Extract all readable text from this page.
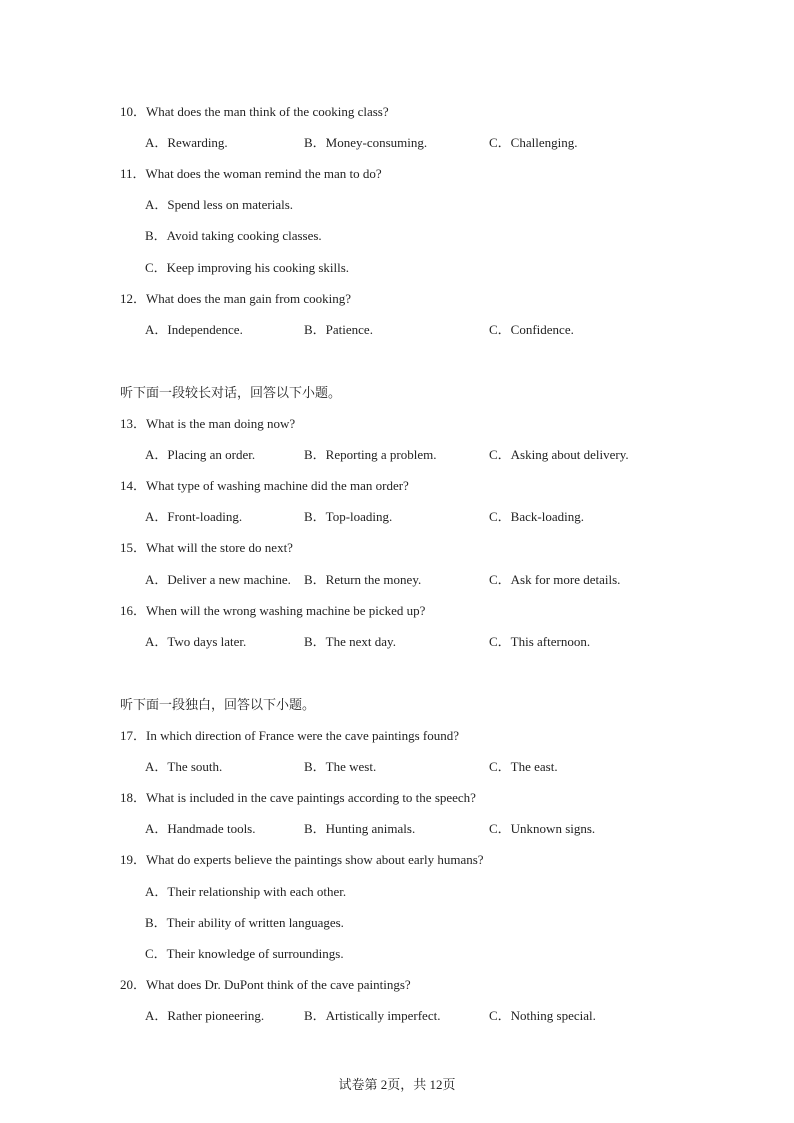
10．What does the man think of the cooking class?
A．Rewarding.	B．Money-consuming.	C．Challenging.
11．What does the woman remind the man to do?
A．Spend less on materials.
B．Avoid taking cooking classes.
C．Keep improving his cooking skills.
12．What does the man gain from cooking?
A．Independence.	B．Patience.	C．Confidence.
听下面一段较长对话，回答以下小题。
13．What is the man doing now?
A．Placing an order.	B．Reporting a problem.	C．Asking about delivery.
14．What type of washing machine did the man order?
A．Front-loading.	B．Top-loading.	C．Back-loading.
15．What will the store do next?
A．Deliver a new machine. B．Return the money.	C．Ask for more details.
16．When will the wrong washing machine be picked up?
A．Two days later.	B．The next day.	C．This afternoon.
听下面一段独白，回答以下小题。
17．In which direction of France were the cave paintings found?
A．The south.	B．The west.	C．The east.
18．What is included in the cave paintings according to the speech?
A．Handmade tools.	B．Hunting animals.	C．Unknown signs.
19．What do experts believe the paintings show about early humans?
A．Their relationship with each other.
B．Their ability of written languages.
C．Their knowledge of surroundings.
20．What does Dr. DuPont think of the cave paintings?
A．Rather pioneering.	B．Artistically imperfect.	C．Nothing special.
试卷第 2页，共 12页
